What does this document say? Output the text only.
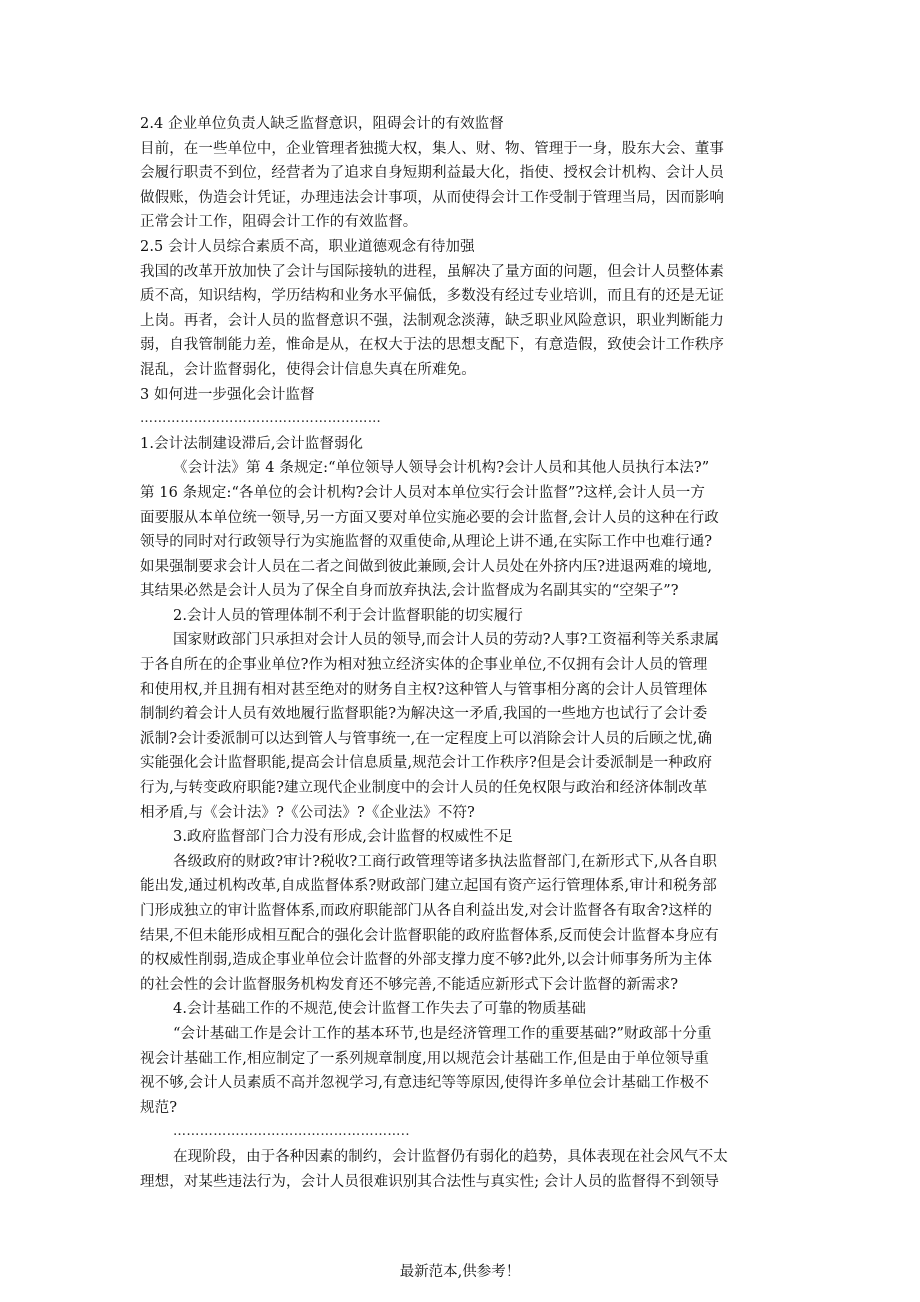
2.4 企业单位负责人缺乏监督意识，阻碍会计的有效监督
目前，在一些单位中，企业管理者独揽大权，集人、财、物、管理于一身，股东大会、董事
会履行职责不到位，经营者为了追求自身短期利益最大化，指使、授权会计机构、会计人员
做假账，伪造会计凭证，办理违法会计事项，从而使得会计工作受制于管理当局，因而影响
正常会计工作，阻碍会计工作的有效监督。
2.5 会计人员综合素质不高，职业道德观念有待加强
我国的改革开放加快了会计与国际接轨的进程，虽解决了量方面的问题，但会计人员整体素
质不高，知识结构，学历结构和业务水平偏低，多数没有经过专业培训，而且有的还是无证
上岗。再者，会计人员的监督意识不强，法制观念淡薄，缺乏职业风险意识，职业判断能力
弱，自我管制能力差，惟命是从，在权大于法的思想支配下，有意造假，致使会计工作秩序
混乱，会计监督弱化，使得会计信息失真在所难免。
3 如何进一步强化会计监督
………………………………………………
1.会计法制建设滞后,会计监督弱化
《会计法》第 4 条规定:“单位领导人领导会计机构?会计人员和其他人员执行本法?”
第 16 条规定:“各单位的会计机构?会计人员对本单位实行会计监督”?这样,会计人员一方
面要服从本单位统一领导,另一方面又要对单位实施必要的会计监督,会计人员的这种在行政
领导的同时对行政领导行为实施监督的双重使命,从理论上讲不通,在实际工作中也难行通?
如果强制要求会计人员在二者之间做到彼此兼顾,会计人员处在外挤内压?进退两难的境地,
其结果必然是会计人员为了保全自身而放弃执法,会计监督成为名副其实的“空架子”?
2.会计人员的管理体制不利于会计监督职能的切实履行
国家财政部门只承担对会计人员的领导,而会计人员的劳动?人事?工资福利等关系隶属
于各自所在的企事业单位?作为相对独立经济实体的企事业单位,不仅拥有会计人员的管理
和使用权,并且拥有相对甚至绝对的财务自主权?这种管人与管事相分离的会计人员管理体
制制约着会计人员有效地履行监督职能?为解决这一矛盾,我国的一些地方也试行了会计委
派制?会计委派制可以达到管人与管事统一,在一定程度上可以消除会计人员的后顾之忧,确
实能强化会计监督职能,提高会计信息质量,规范会计工作秩序?但是会计委派制是一种政府
行为,与转变政府职能?建立现代企业制度中的会计人员的任免权限与政治和经济体制改革
相矛盾,与《会计法》?《公司法》?《企业法》不符?
3.政府监督部门合力没有形成,会计监督的权威性不足
各级政府的财政?审计?税收?工商行政管理等诸多执法监督部门,在新形式下,从各自职
能出发,通过机构改革,自成监督体系?财政部门建立起国有资产运行管理体系,审计和税务部
门形成独立的审计监督体系,而政府职能部门从各自利益出发,对会计监督各有取舍?这样的
结果,不但未能形成相互配合的强化会计监督职能的政府监督体系,反而使会计监督本身应有
的权威性削弱,造成企事业单位会计监督的外部支撑力度不够?此外,以会计师事务所为主体
的社会性的会计监督服务机构发育还不够完善,不能适应新形式下会计监督的新需求?
4.会计基础工作的不规范,使会计监督工作失去了可靠的物质基础
“会计基础工作是会计工作的基本环节,也是经济管理工作的重要基础?”财政部十分重
视会计基础工作,相应制定了一系列规章制度,用以规范会计基础工作,但是由于单位领导重
视不够,会计人员素质不高并忽视学习,有意违纪等等原因,使得许多单位会计基础工作极不
规范?
……………………………………………..
在现阶段，由于各种因素的制约，会计监督仍有弱化的趋势，具体表现在社会风气不太
理想，对某些违法行为，会计人员很难识别其合法性与真实性; 会计人员的监督得不到领导
最新范本,供参考！
